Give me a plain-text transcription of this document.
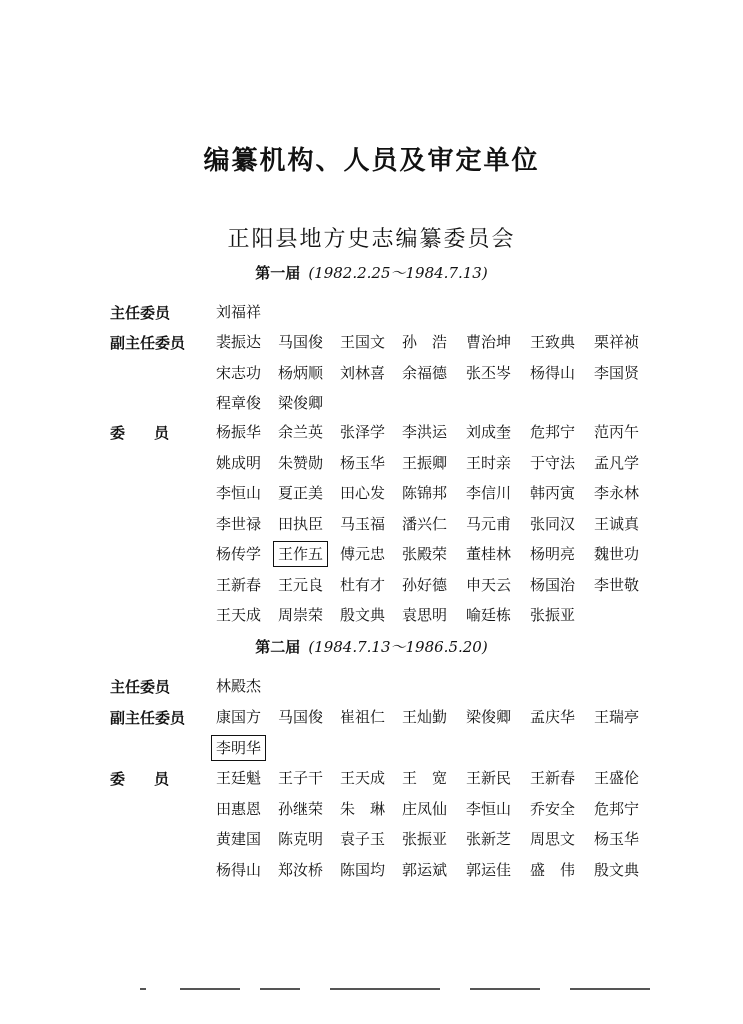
编纂机构、人员及审定单位
正阳县地方史志编纂委员会
第一届 (1982.2.25～1984.7.13)
主任委员
副主任委员
委员
第二届 (1984.7.13～1986.5.20)
主任委员
副主任委员
委员
刘福祥
裴振达 马国俊 王国文 孙　浩 曹治坤 王致典 栗祥祯
宋志功 杨炳顺 刘林喜 余福德 张丕岑 杨得山 李国贤
程章俊 梁俊卿
杨振华 余兰英 张泽学 李洪运 刘成奎 危邦宁 范丙午
姚成明 朱赞勋 杨玉华 王振卿 王时亲 于守法 孟凡学
李恒山 夏正美 田心发 陈锦邦 李信川 韩丙寅 李永林
李世禄 田执臣 马玉福 潘兴仁 马元甫 张同汉 王诚真
杨传学 王作五 傅元忠 张殿荣 董桂林 杨明亮 魏世功
王新春 王元良 杜有才 孙好德 申天云 杨国治 李世敬
王天成 周崇荣 殷文典 袁思明 喻廷栋 张振亚
林殿杰
康国方 马国俊 崔祖仁 王灿勤 梁俊卿 孟庆华 王瑞亭
李明华
王廷魁 王子干 王天成 王　宽 王新民 王新春 王盛伦
田惠恩 孙继荣 朱　琳 庄凤仙 李恒山 乔安全 危邦宁
黄建国 陈克明 袁子玉 张振亚 张新芝 周思文 杨玉华
杨得山 郑汝桥 陈国均 郭运斌 郭运佳 盛　伟 殷文典
